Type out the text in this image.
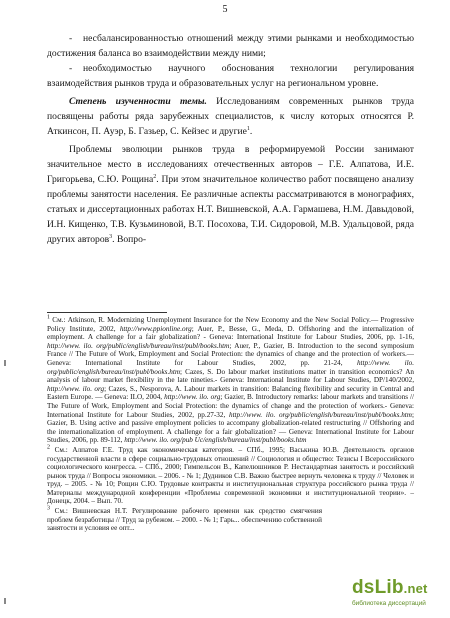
5

- несбалансированностью отношений между этими рынками и необходимостью достижения баланса во взаимодействии между ними;

- необходимостью научного обоснования технологии регулирования взаимодействия рынков труда и образовательных услуг на региональном уровне.

Степень изученности темы. Исследованиям современных рынков труда посвящены работы ряда зарубежных специалистов, к числу которых относятся Р. Аткинсон, П. Ауэр, Б. Газьер, С. Кейзес и другие$^1$.

Проблемы эволюции рынков труда в реформируемой России занимают значительное место в исследованиях отечественных авторов – Г.Е. Алпатова, И.Е. Григорьева, С.Ю. Рощина$^2$. При этом значительное количество работ посвящено анализу проблемы занятости населения. Ее различные аспекты рассматриваются в монографиях, статьях и диссертационных работах Н.Т. Вишневской, А.А. Гармашева, Н.М. Давыдовой, И.Н. Кищенко, Т.В. Кузьминовой, В.Т. Посохова, Т.И. Сидоровой, М.В. Удальцовой, ряда других авторов$^3$. Вопро-

$^1$ См.: Atkinson, R. Modernizing Unemployment Insurance for the New Economy and the New Social Policy.— Progressive Policy Institute, 2002, http://www.ppionline.org; Auer, P., Besse, G., Meda, D. Offshoring and the internalization of employment. A challenge for a fair globalization? - Geneva: International Institute for Labour Studies, 2006, pp. 1-16, http://www. ilo. org/public/english/bureau/inst/publ/books.htm; Auer, P., Gazier, B. Introduction to the second symposium France // The Future of Work, Employment and Social Protection: the dynamics of change and the protection of workers.— Geneva: International Institute for Labour Studies, 2002, pp. 21-24, http://www. ilo. org/public/english/bureau/inst/publ/books.htm; Cazes, S. Do labour market institutions matter in transition economics? An analysis of labour market flexibility in the late nineties.- Geneva: International Institute for Labour Studies, DP/140/2002, http://www. ilo. org; Cazes, S., Nesporova, A. Labour markets in transition: Balancing flexibility and security in Central and Eastern Europe. — Geneva: ILO, 2004, http://www. ilo. org; Gazier, B. Introductory remarks: labour markets and transitions // The Future of Work, Employment and Social Protection: the dynamics of change and the protection of workers.- Geneva: International Institute for Labour Studies, 2002, pp.27-32, http://www. ilo. org/public/english/bureau/inst/publ/books.htm; Gazier, B. Using active and passive employment policies to accompany globalization-related restructuring // Offshoring and the internationalization of employment. A challenge for a fair globalization? — Geneva: International Institute for Labour Studies, 2006, pp. 89-112, http://www. ilo. org/pub Uc/english/bureau/inst/publ/books.htm

$^2$ См.: Алпатов Г.Е. Труд как экономическая категория. – СПб., 1995; Васькина Ю.В. Деятельность органов государственной власти в сфере социально-трудовых отношений // Социология и общество: Тезисы I Всероссийского социологического конгресса. – СПб., 2000; Гимпельсон В., Капелюшников Р. Нестандартная занятость и российский рынок труда // Вопросы экономики. – 2006. - № 1; Дудников С.В. Важно быстрее вернуть человека к труду // Человек и труд. – 2005. - № 10; Рощин С.Ю. Трудовые контракты и институциональная структура российского рынка труда // Материалы международной конференции «Проблемы современной экономики и институциональной теории». – Донецк, 2004. – Вып. 70.

$^3$ См.: Вишневская Н.Т. Регулирование рабочего времени как средство смягчения проблем безработицы // Труд за рубежом. – 2000. - № 1; Гарь... обеспечению собственной занятости и условия ее опт...

dsLib.net
библиотека диссертаций
